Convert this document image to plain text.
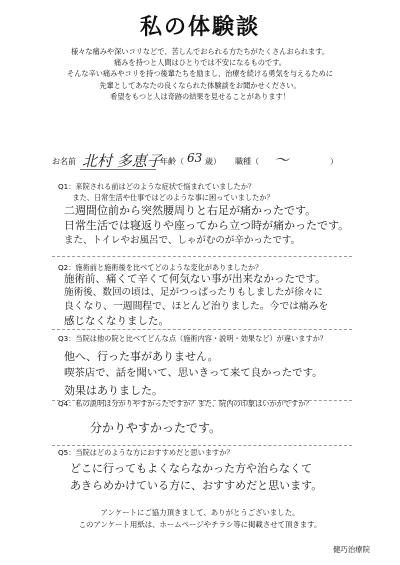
私の体験談
様々な痛みや深いコリなどで、苦しんでおられる方たちがたくさんおられます。
痛みを持つと人間はひとりでは不安になるものです。
そんな辛い痛みやコリを持つ後輩たちを励まし、治療を続ける勇気を与えるために
先輩としてあなたの良くなられた体験談をお聞かせください。
希望をもつと人は奇跡の結果を見せることがあります！
お名前 北村 多恵子
年齢（ 63 歳） 職種（ 〜	）
Q1：来院される前はどのような症状で悩まれていましたか？
　　また、日常生活や仕事ではどのような事に困っていましたか？
二週間位前から突然腰周りと右足が痛かったです。
日常生活では寝返りや座ってから立つ時が痛かったです。
また、トイレやお風呂で、しゃがむのが辛かったです。
Q2：施術前と施術後を比べてどのような変化がありましたか？
施術前、痛くて辛くて何気ない事が出来なかったです。
施術後、数回の頃は、足がつっぱったりもしましたが徐々に
良くなり、一週間程で、ほとんど治りました。今では痛みを
感じなくなりました。
Q3：当院は他の院と比べてどんな点（施術内容・説明・効果など）が違いますか？
他へ、行った事がありません。
喫茶店で、話を聞いて、思いきって来て良かったです。
効果はありました。
Q4：私の説明は分かりやすかったですか？また、院内の印象はいかがですか？
分かりやすかったです。
Q5：当院はどのような方におすすめだと思いますか？
どこに行ってもよくならなかった方や治らなくて
あきらめかけている方に、おすすめだと思います。
アンケートにご協力頂きまして、ありがとうございました。
このアンケート用紙は、ホームページやチラシ等に掲載させて頂きます。
健巧治療院
